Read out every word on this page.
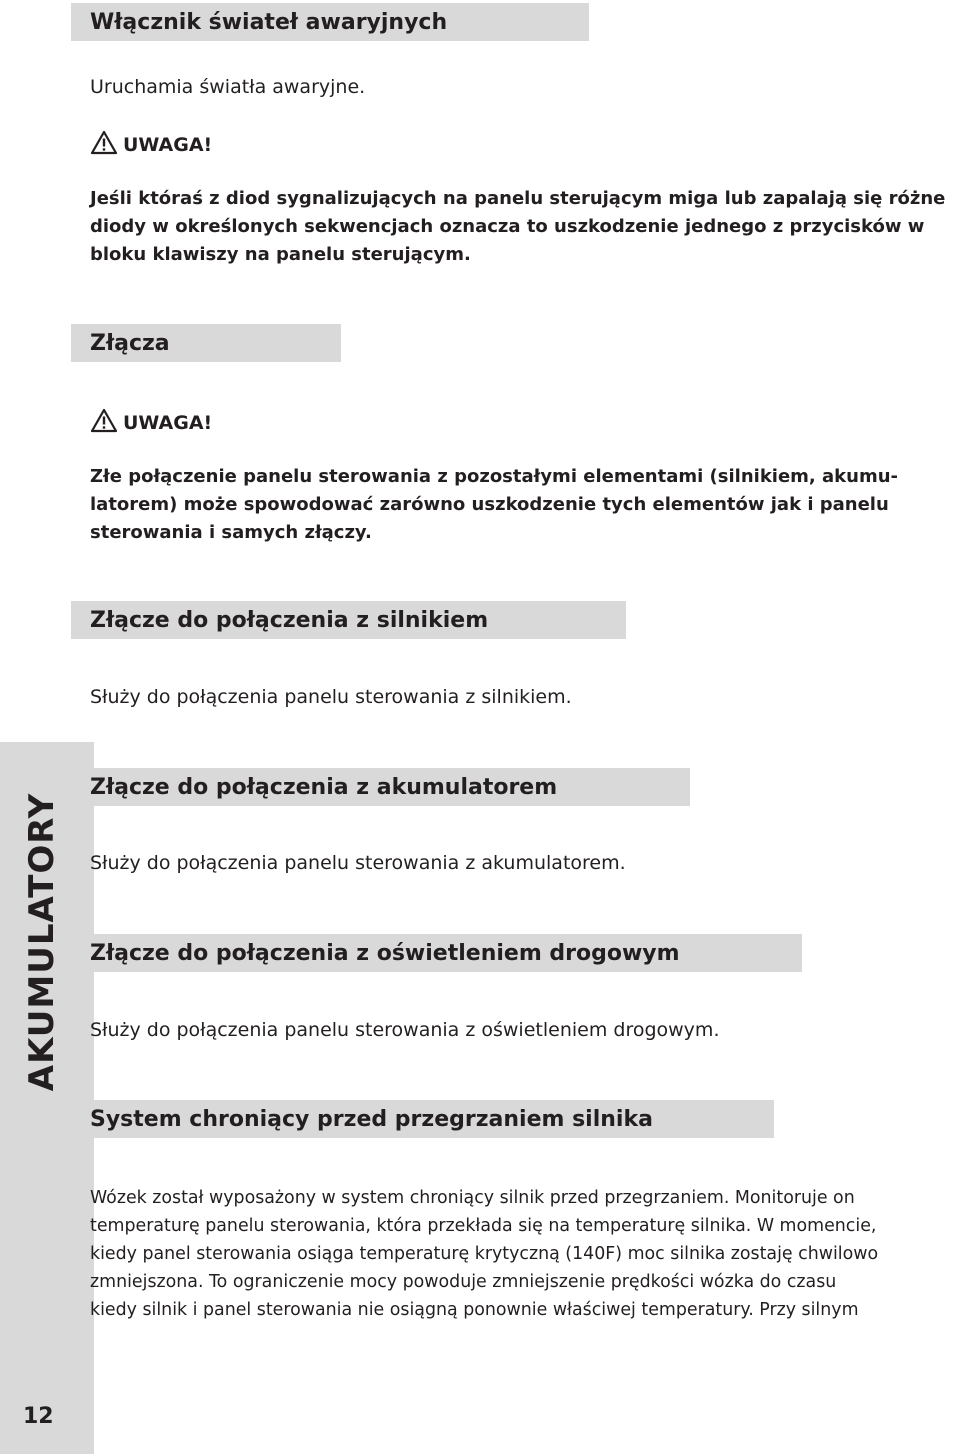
Włącznik świateł awaryjnych
Uruchamia światła awaryjne.
UWAGA!
Jeśli któraś z diod sygnalizujących na panelu sterującym miga lub zapalają się różne
diody w określonych sekwencjach oznacza to uszkodzenie jednego z przycisków w
bloku klawiszy na panelu sterującym.
Złącza
UWAGA!
Złe połączenie panelu sterowania z pozostałymi elementami (silnikiem, akumu-
latorem) może spowodować zarówno uszkodzenie tych elementów jak i panelu
sterowania i samych złączy.
Złącze do połączenia z silnikiem
Służy do połączenia panelu sterowania z silnikiem.
AKUMULATORY
Złącze do połączenia z akumulatorem
Służy do połączenia panelu sterowania z akumulatorem.
Złącze do połączenia z oświetleniem drogowym
Służy do połączenia panelu sterowania z oświetleniem drogowym.
System chroniący przed przegrzaniem silnika
Wózek został wyposażony w system chroniący silnik przed przegrzaniem. Monitoruje on
temperaturę panelu sterowania, która przekłada się na temperaturę silnika. W momencie,
kiedy panel sterowania osiąga temperaturę krytyczną (140F) moc silnika zostaję chwilowo
zmniejszona. To ograniczenie mocy powoduje zmniejszenie prędkości wózka do czasu
kiedy silnik i panel sterowania nie osiągną ponownie właściwej temperatury. Przy silnym
12
